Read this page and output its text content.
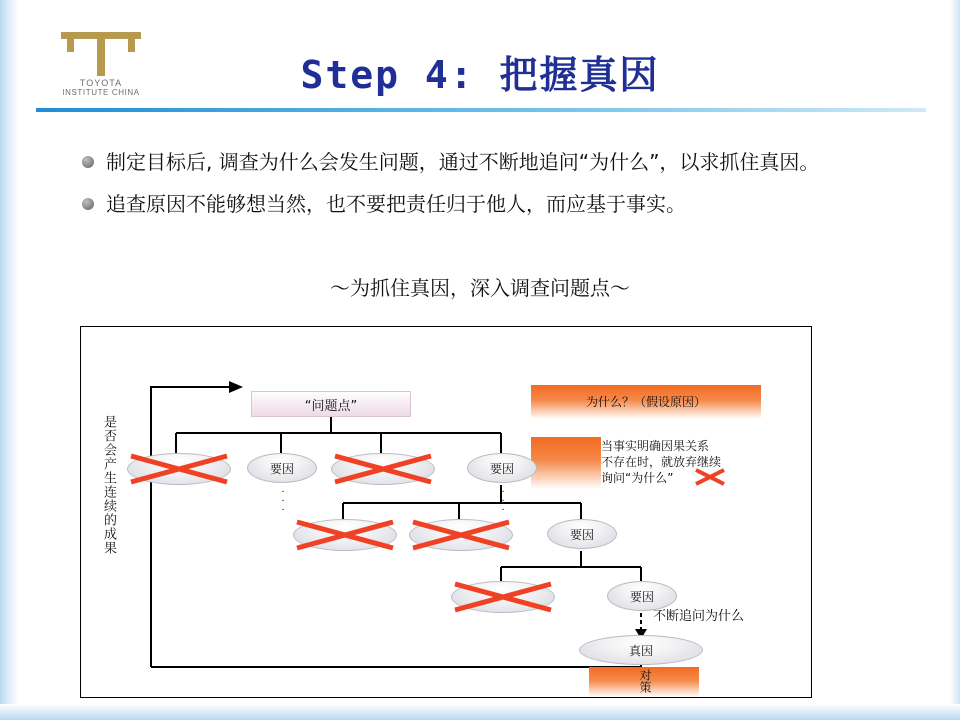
TOYOTA
INSTITUTE CHINA	Step 4: 把握真因
制定目标后, 调查为什么会发生问题，通过不断地追问“为什么”，以求抓住真因。
追查原因不能够想当然，也不要把责任归于他人，而应基于事实。
〜为抓住真因，深入调查问题点〜
是否会产生连续的成果
“问题点”	为什么？（假设原因）
当事实明确因果关系
不存在时，就放弃继续
询问“为什么”
要因	要因
要因
要因
真因
对策
不断追问为什么
.
.
.
.
.
.
